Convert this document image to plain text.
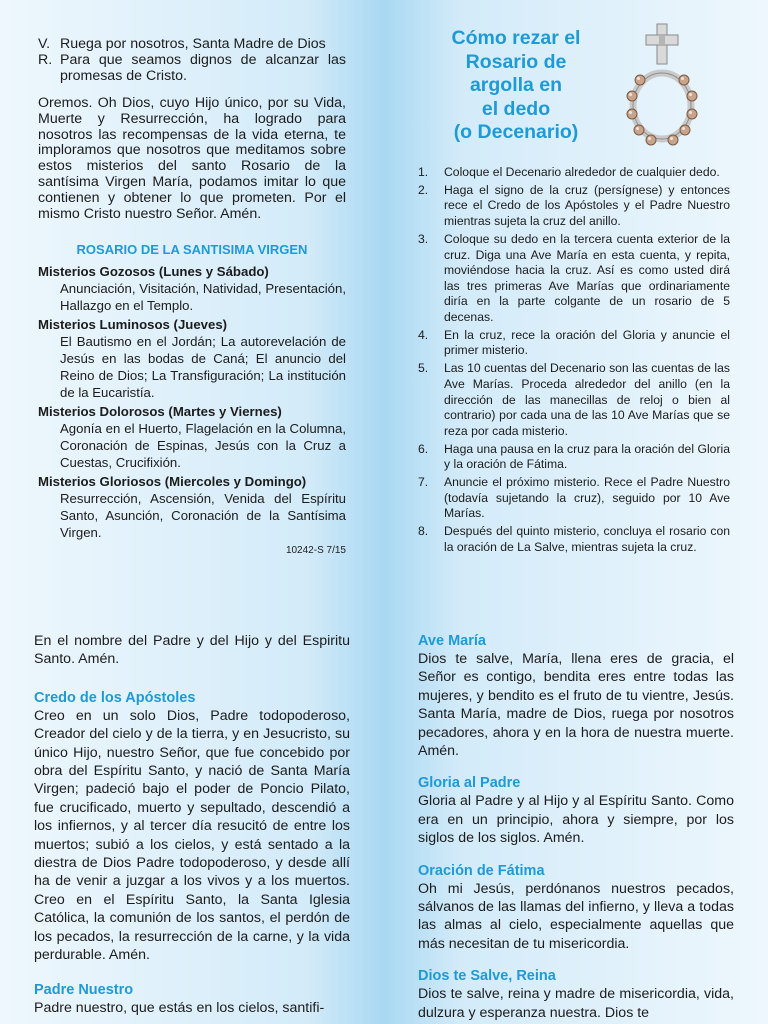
V. Ruega por nosotros, Santa Madre de Dios
R. Para que seamos dignos de alcanzar las promesas de Cristo.

Oremos. Oh Dios, cuyo Hijo único, por su Vida, Muerte y Resurrección, ha logrado para nosotros las recompensas de la vida eterna, te imploramos que nosotros que meditamos sobre estos misterios del santo Rosario de la santísima Virgen María, podamos imitar lo que contienen y obtener lo que prometen. Por el mismo Cristo nuestro Señor. Amén.

ROSARIO DE LA SANTISIMA VIRGEN

Misterios Gozosos (Lunes y Sábado)

Anunciación, Visitación, Natividad, Presentación, Hallazgo en el Templo.

Misterios Luminosos (Jueves)

El Bautismo en el Jordán; La autorevelación de Jesús en las bodas de Caná; El anuncio del Reino de Dios; La Transfiguración; La institución de la Eucaristía.

Misterios Dolorosos (Martes y Viernes)

Agonía en el Huerto, Flagelación en la Columna, Coronación de Espinas, Jesús con la Cruz a Cuestas, Crucifixión.

Misterios Gloriosos (Miercoles y Domingo)

Resurrección, Ascensión, Venida del Espíritu Santo, Asunción, Coronación de la Santísima Virgen.

10242-S 7/15

Cómo rezar el

Rosario de

argolla en

el dedo

(o Decenario)

1.	Coloque el Decenario alrededor de cualquier dedo.
2.	Haga el signo de la cruz (persígnese) y entonces rece el Credo de los Apóstoles y el Padre Nuestro mientras sujeta la cruz del anillo.
3.	Coloque su dedo en la tercera cuenta exterior de la cruz. Diga una Ave María en esta cuenta, y repita, moviéndose hacia la cruz. Así es como usted dirá las tres primeras Ave Marías que ordinariamente diría en la parte colgante de un rosario de 5 decenas.
4.	En la cruz, rece la oración del Gloria y anuncie el primer misterio.
5.	Las 10 cuentas del Decenario son las cuentas de las Ave Marías. Proceda alrededor del anillo (en la dirección de las manecillas de reloj o bien al contrario) por cada una de las 10 Ave Marías que se reza por cada misterio.
6.	Haga una pausa en la cruz para la oración del Gloria y la oración de Fátima.
7.	Anuncie el próximo misterio. Rece el Padre Nuestro (todavía sujetando la cruz), seguido por 10 Ave Marías.
8.	Después del quinto misterio, concluya el rosario con la oración de La Salve, mientras sujeta la cruz.

En el nombre del Padre y del Hijo y del Espiritu Santo. Amén.

Credo de los Apóstoles

Creo en un solo Dios, Padre todopoderoso, Creador del cielo y de la tierra, y en Jesucristo, su único Hijo, nuestro Señor, que fue concebido por obra del Espíritu Santo, y nació de Santa María Virgen; padeció bajo el poder de Poncio Pilato, fue crucificado, muerto y sepultado, descendió a los infiernos, y al tercer día resucitó de entre los muertos; subió a los cielos, y está sentado a la diestra de Dios Padre todopoderoso, y desde allí ha de venir a juzgar a los vivos y a los muertos. Creo en el Espíritu Santo, la Santa Iglesia Católica, la comunión de los santos, el perdón de los pecados, la resurrección de la carne, y la vida perdurable. Amén.

Padre Nuestro

Padre nuestro, que estás en los cielos, santifi-

Ave María

Dios te salve, María, llena eres de gracia, el Señor es contigo, bendita eres entre todas las mujeres, y bendito es el fruto de tu vientre, Jesús. Santa María, madre de Dios, ruega por nosotros pecadores, ahora y en la hora de nuestra muerte. Amén.

Gloria al Padre

Gloria al Padre y al Hijo y al Espíritu Santo. Como era en un principio, ahora y siempre, por los siglos de los siglos. Amén.

Oración de Fátima

Oh mi Jesús, perdónanos nuestros pecados, sálvanos de las llamas del infierno, y lleva a todas las almas al cielo, especialmente aquellas que más necesitan de tu misericordia.

Dios te Salve, Reina

Dios te salve, reina y madre de misericordia, vida, dulzura y esperanza nuestra. Dios te
